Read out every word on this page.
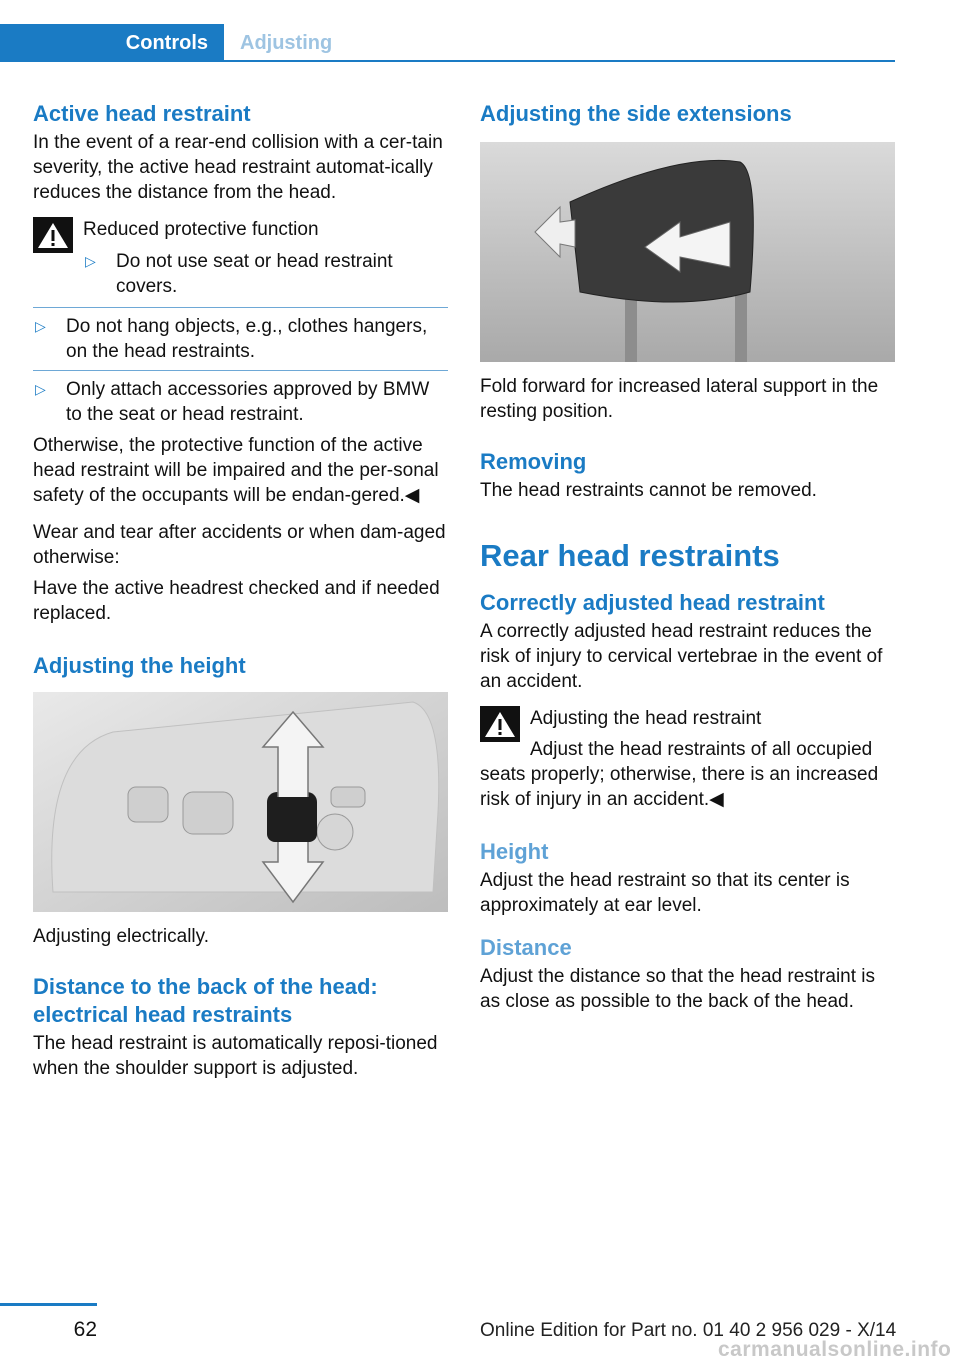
Controls	Adjusting
Active head restraint

In the event of a rear-end collision with a cer-tain severity, the active head restraint automat-ically reduces the distance from the head.

Reduced protective function

▷ Do not use seat or head restraint covers.
▷ Do not hang objects, e.g., clothes hangers, on the head restraints.
▷ Only attach accessories approved by BMW to the seat or head restraint.

Otherwise, the protective function of the active head restraint will be impaired and the per-sonal safety of the occupants will be endan-gered.◀

Wear and tear after accidents or when dam-aged otherwise:

Have the active headrest checked and if needed replaced.

Adjusting the height

Adjusting electrically.

Distance to the back of the head: electrical head restraints

The head restraint is automatically reposi-tioned when the shoulder support is adjusted.

Adjusting the side extensions

Fold forward for increased lateral support in the resting position.

Removing

The head restraints cannot be removed.

Rear head restraints
Correctly adjusted head restraint

A correctly adjusted head restraint reduces the risk of injury to cervical vertebrae in the event of an accident.

Adjusting the head restraint

Adjust the head restraints of all occupied

seats properly; otherwise, there is an increased risk of injury in an accident.◀

Height

Adjust the head restraint so that its center is approximately at ear level.

Distance

Adjust the distance so that the head restraint is as close as possible to the back of the head.

62	Online Edition for Part no. 01 40 2 956 029 - X/14
carmanualsonline.info
